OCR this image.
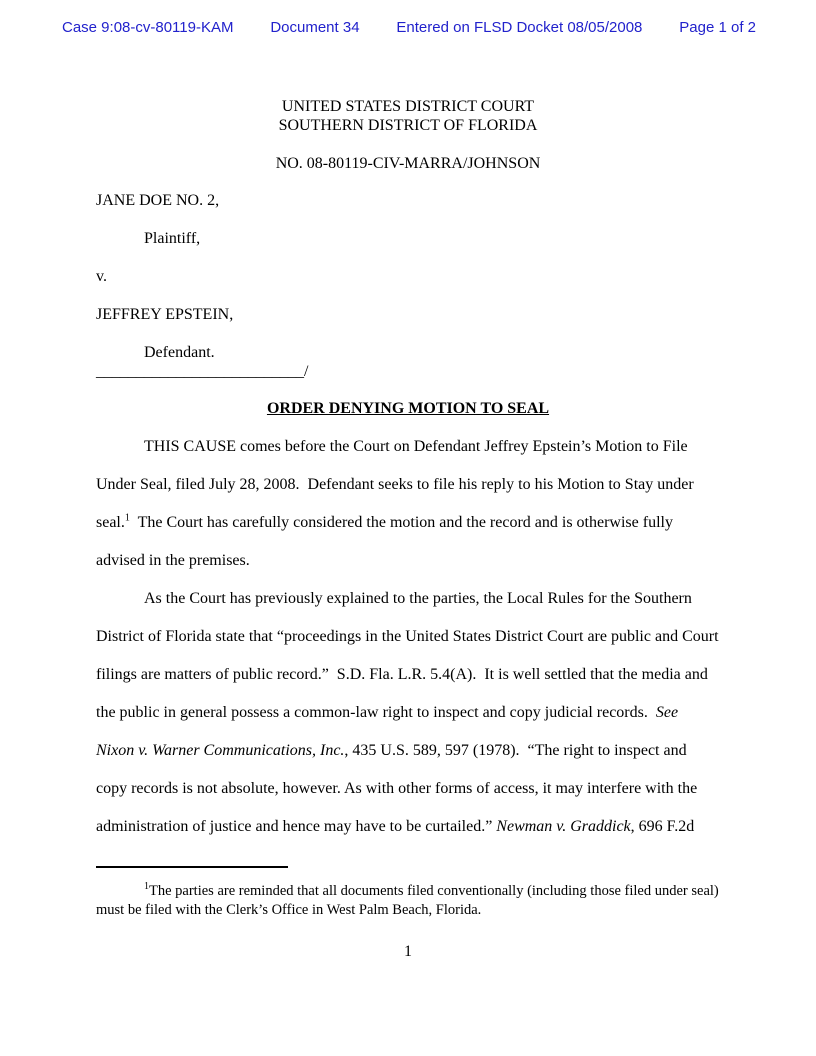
Case 9:08-cv-80119-KAM Document 34 Entered on FLSD Docket 08/05/2008 Page 1 of 2
UNITED STATES DISTRICT COURT
SOUTHERN DISTRICT OF FLORIDA
NO. 08-80119-CIV-MARRA/JOHNSON
JANE DOE NO. 2,
Plaintiff,
v.
JEFFREY EPSTEIN,
Defendant.
__________________________/
ORDER DENYING MOTION TO SEAL

THIS CAUSE comes before the Court on Defendant Jeffrey Epstein’s Motion to File Under Seal, filed July 28, 2008.  Defendant seeks to file his reply to his Motion to Stay under seal.$^1$  The Court has carefully considered the motion and the record and is otherwise fully advised in the premises.

As the Court has previously explained to the parties, the Local Rules for the Southern District of Florida state that “proceedings in the United States District Court are public and Court filings are matters of public record.”  S.D. Fla. L.R. 5.4(A).  It is well settled that the media and the public in general possess a common-law right to inspect and copy judicial records.  See Nixon v. Warner Communications, Inc., 435 U.S. 589, 597 (1978).  “The right to inspect and copy records is not absolute, however. As with other forms of access, it may interfere with the administration of justice and hence may have to be curtailed.” Newman v. Graddick, 696 F.2d

$^1$The parties are reminded that all documents filed conventionally (including those filed under seal) must be filed with the Clerk’s Office in West Palm Beach, Florida.
1
